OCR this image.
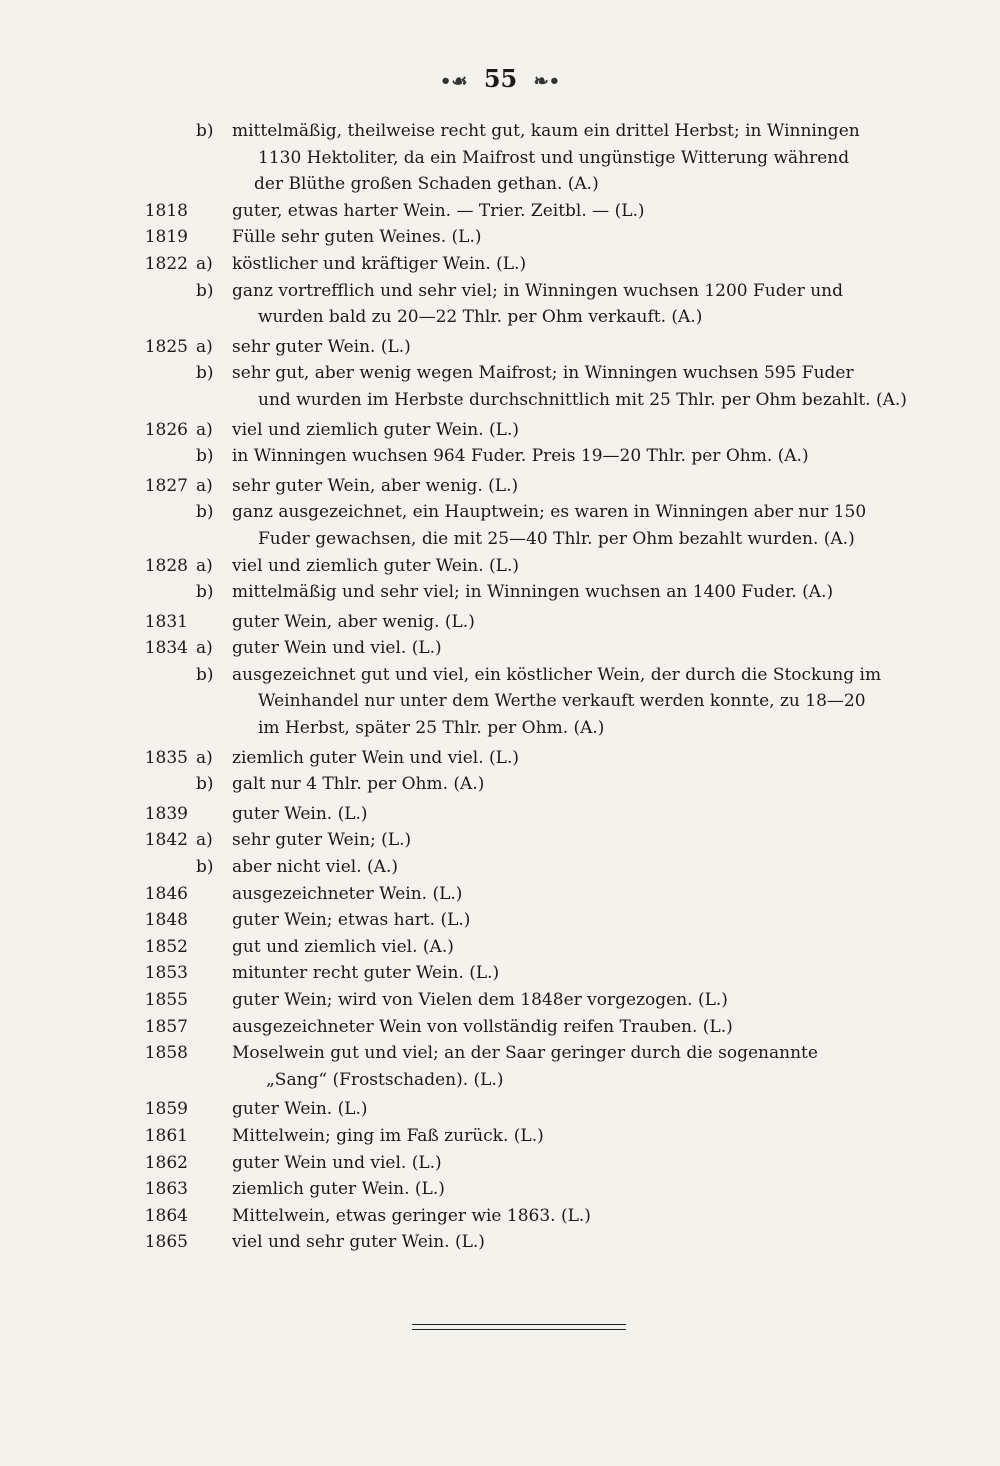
•☙ 55 ❧•
b) mittelmäßig, theilweise recht gut, kaum ein drittel Herbst; in Winningen
1130 Hektoliter, da ein Maifrost und ungünstige Witterung während
der Blüthe großen Schaden gethan. (A.)
1818	guter, etwas harter Wein. — Trier. Zeitbl. — (L.)
1819	Fülle sehr guten Weines. (L.)
1822 a) köstlicher und kräftiger Wein. (L.)
b) ganz vortrefflich und sehr viel; in Winningen wuchsen 1200 Fuder und
wurden bald zu 20—22 Thlr. per Ohm verkauft. (A.)
1825 a) sehr guter Wein. (L.)
b) sehr gut, aber wenig wegen Maifrost; in Winningen wuchsen 595 Fuder
und wurden im Herbste durchschnittlich mit 25 Thlr. per Ohm bezahlt. (A.)
1826 a) viel und ziemlich guter Wein. (L.)
b) in Winningen wuchsen 964 Fuder. Preis 19—20 Thlr. per Ohm. (A.)
1827 a) sehr guter Wein, aber wenig. (L.)
b) ganz ausgezeichnet, ein Hauptwein; es waren in Winningen aber nur 150
Fuder gewachsen, die mit 25—40 Thlr. per Ohm bezahlt wurden. (A.)
1828 a) viel und ziemlich guter Wein. (L.)
b) mittelmäßig und sehr viel; in Winningen wuchsen an 1400 Fuder. (A.)
1831	guter Wein, aber wenig. (L.)
1834 a) guter Wein und viel. (L.)
b) ausgezeichnet gut und viel, ein köstlicher Wein, der durch die Stockung im
Weinhandel nur unter dem Werthe verkauft werden konnte, zu 18—20
im Herbst, später 25 Thlr. per Ohm. (A.)
1835 a) ziemlich guter Wein und viel. (L.)
b) galt nur 4 Thlr. per Ohm. (A.)
1839	guter Wein. (L.)
1842 a) sehr guter Wein; (L.)
b) aber nicht viel. (A.)
1846	ausgezeichneter Wein. (L.)
1848	guter Wein; etwas hart. (L.)
1852	gut und ziemlich viel. (A.)
1853	mitunter recht guter Wein. (L.)
1855	guter Wein; wird von Vielen dem 1848er vorgezogen. (L.)
1857	ausgezeichneter Wein von vollständig reifen Trauben. (L.)
1858	Moselwein gut und viel; an der Saar geringer durch die sogenannte
„Sang“ (Frostschaden). (L.)
1859	guter Wein. (L.)
1861	Mittelwein; ging im Faß zurück. (L.)
1862	guter Wein und viel. (L.)
1863	ziemlich guter Wein. (L.)
1864	Mittelwein, etwas geringer wie 1863. (L.)
1865	viel und sehr guter Wein. (L.)
